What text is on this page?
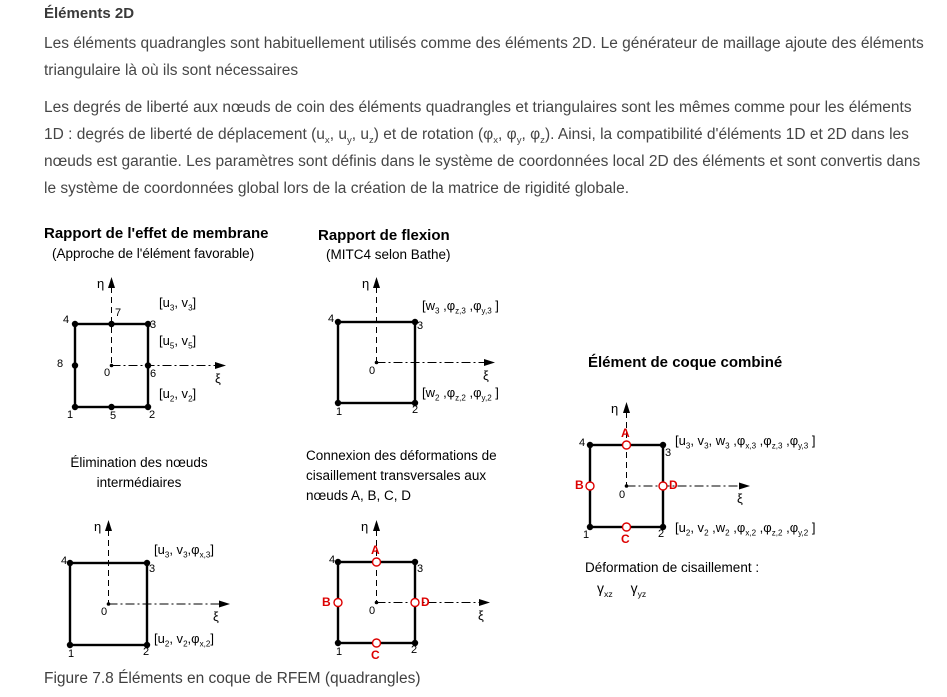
Éléments 2D
Les éléments quadrangles sont habituellement utilisés comme des éléments 2D. Le générateur de maillage ajoute des éléments triangulaire là où ils sont nécessaires
Les degrés de liberté aux nœuds de coin des éléments quadrangles et triangulaires sont les mêmes comme pour les éléments 1D : degrés de liberté de déplacement ($u_x$, $u_y$, $u_z$) et de rotation ($\varphi_x$, $\varphi_y$, $\varphi_z$). Ainsi, la compatibilité d'éléments 1D et 2D dans les nœuds est garantie. Les paramètres sont définis dans le système de coordonnées local 2D des éléments et sont convertis dans le système de coordonnées global lors de la création de la matrice de rigidité globale.
Rapport de l'effet de membrane
(Approche de l'élément favorable)
Rapport de flexion
(MITC4 selon Bathe)
Élément de coque combiné
Élimination des nœuds intermédiaires
Connexion des déformations de cisaillement transversales aux nœuds A, B, C, D
η
ξ
4
7
3
8
0	6
1	5	2
[$u_3$, $v_3$]
[$u_5$, $v_5$]
[$u_2$, $v_2$]
η
ξ
4
3
1	2
0
[$w_3$ $,\varphi_{z,3}$ $,\varphi_{y,3}$ ]
[$w_2$ $,\varphi_{z,2}$ $,\varphi_{y,2}$ ]
η
ξ
A
B
C
D
4
3
1	2
0
[$u_3$, $v_3$, $w_3$ $,\varphi_{x,3}$ $,\varphi_{z,3}$ $,\varphi_{y,3}$ ]
[$u_2$, $v_2$ $,w_2$ $,\varphi_{x,2}$ $,\varphi_{z,2}$ $,\varphi_{y,2}$ ]
Déformation de cisaillement :
$\gamma_{xz}$ $\gamma_{yz}$
η
ξ
4
3
1	2
0
[$u_3$, $v_3,\varphi_{x,3}$]
[$u_2$, $v_2,\varphi_{x,2}$]
η
ξ
A
B
C
D
4
3
1	2
0
Figure 7.8 Éléments en coque de RFEM (quadrangles)
